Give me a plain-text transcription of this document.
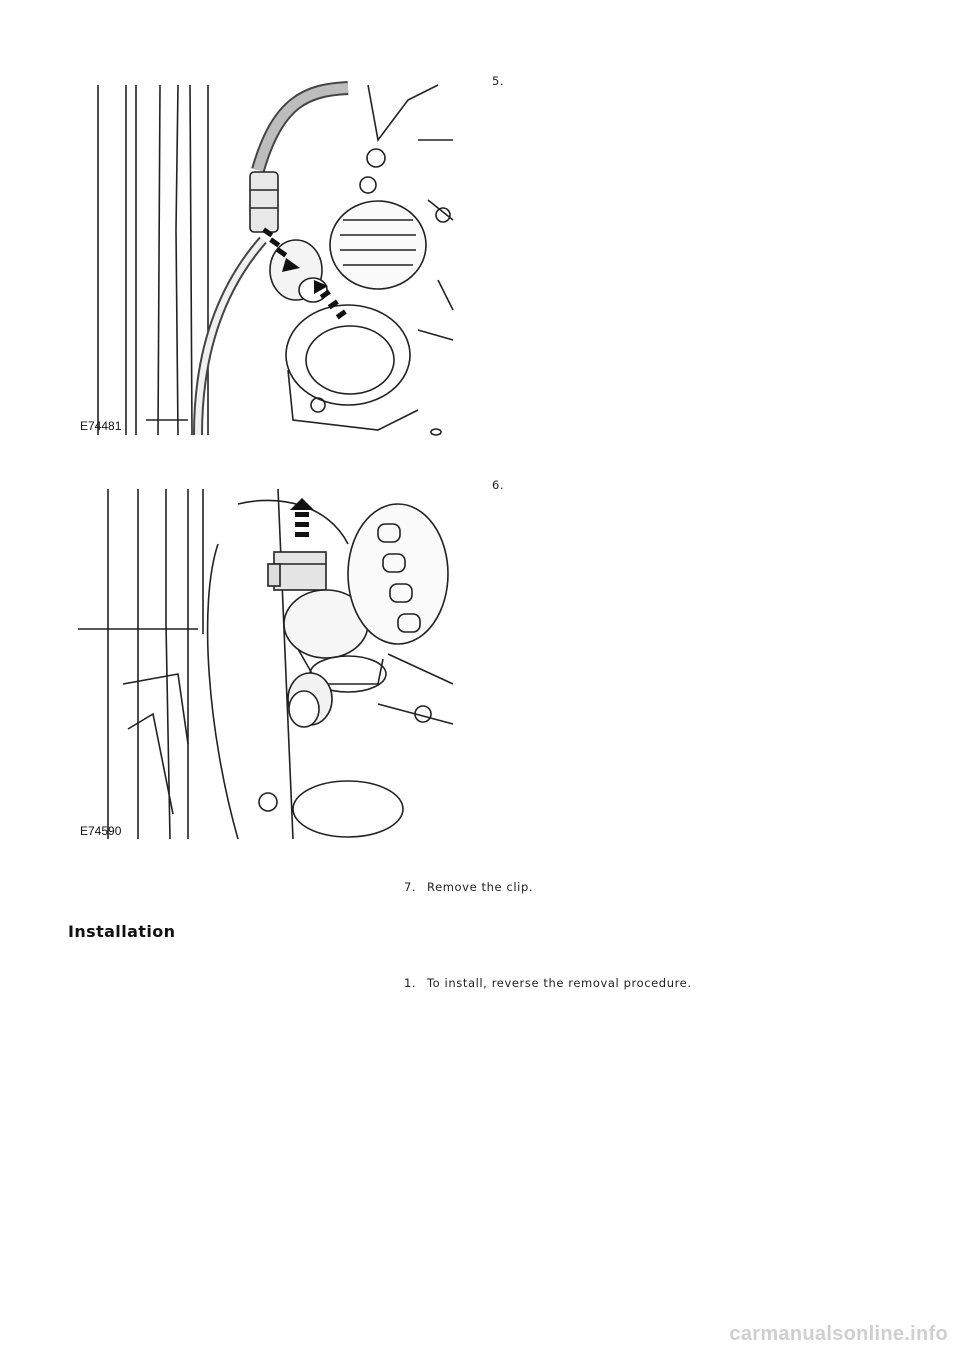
E74481
5.
E74590
6.
7. Remove the clip.
Installation
1. To install, reverse the removal procedure.
carmanualsonline.info
